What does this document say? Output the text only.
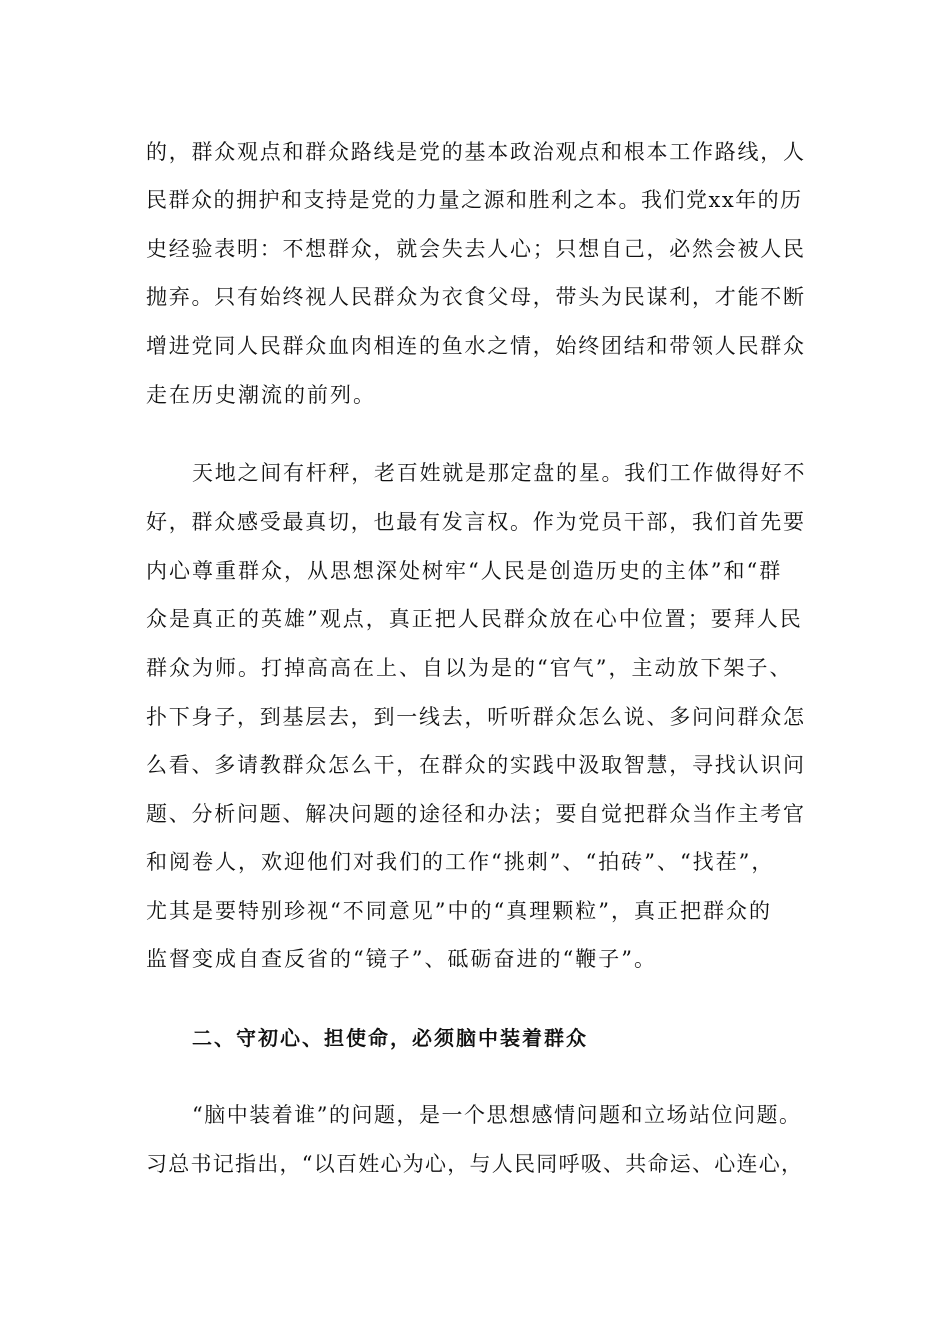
的，群众观点和群众路线是党的基本政治观点和根本工作路线，人
民群众的拥护和支持是党的力量之源和胜利之本。我们党xx年的历
史经验表明：不想群众，就会失去人心；只想自己，必然会被人民
抛弃。只有始终视人民群众为衣食父母，带头为民谋利，才能不断
增进党同人民群众血肉相连的鱼水之情，始终团结和带领人民群众
走在历史潮流的前列。
天地之间有杆秤，老百姓就是那定盘的星。我们工作做得好不
好，群众感受最真切，也最有发言权。作为党员干部，我们首先要
内心尊重群众，从思想深处树牢“人民是创造历史的主体”和“群
众是真正的英雄”观点，真正把人民群众放在心中位置；要拜人民
群众为师。打掉高高在上、自以为是的“官气”，主动放下架子、
扑下身子，到基层去，到一线去，听听群众怎么说、多问问群众怎
么看、多请教群众怎么干，在群众的实践中汲取智慧，寻找认识问
题、分析问题、解决问题的途径和办法；要自觉把群众当作主考官
和阅卷人，欢迎他们对我们的工作“挑刺”、“拍砖”、“找茬”，
尤其是要特别珍视“不同意见”中的“真理颗粒”，真正把群众的
监督变成自查反省的“镜子”、砥砺奋进的“鞭子”。
二、守初心、担使命，必须脑中装着群众
“脑中装着谁”的问题，是一个思想感情问题和立场站位问题。
习总书记指出，“以百姓心为心，与人民同呼吸、共命运、心连心，
